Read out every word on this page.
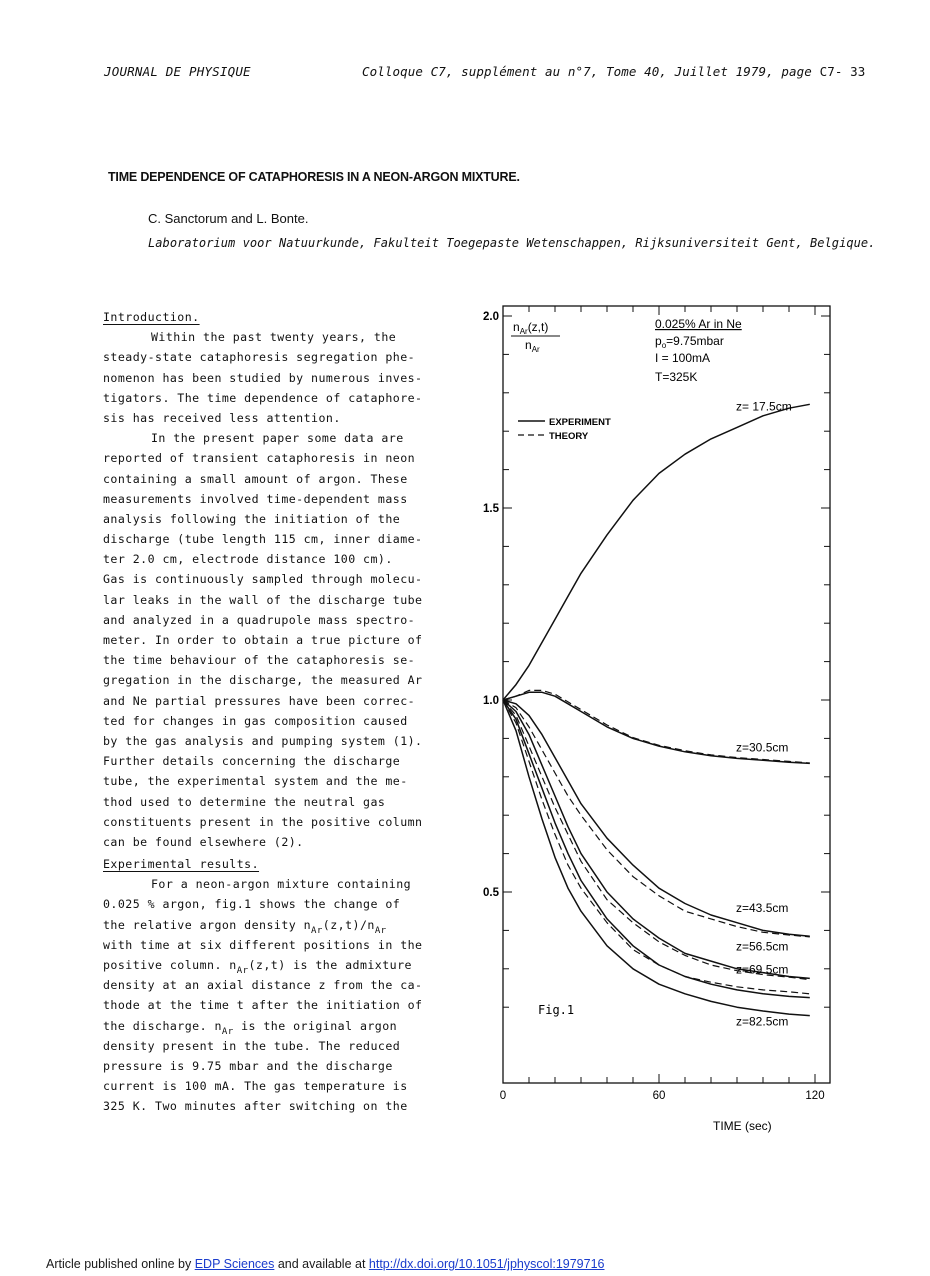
JOURNAL DE PHYSIQUE	Colloque C7, supplément au n°7, Tome 40, Juillet 1979, page C7- 33
TIME DEPENDENCE OF CATAPHORESIS IN A NEON-ARGON MIXTURE.
C. Sanctorum and L. Bonte.
Laboratorium voor Natuurkunde, Fakulteit Toegepaste Wetenschappen, Rijksuniversiteit Gent, Belgique.
Introduction.
Within the past twenty years, the
steady-state cataphoresis segregation phe-
nomenon has been studied by numerous inves-
tigators. The time dependence of cataphore-
sis has received less attention.
In the present paper some data are
reported of transient cataphoresis in neon
containing a small amount of argon. These
measurements involved time-dependent mass
analysis following the initiation of the
discharge (tube length 115 cm, inner diame-
ter 2.0 cm, electrode distance 100 cm).
Gas is continuously sampled through molecu-
lar leaks in the wall of the discharge tube
and analyzed in a quadrupole mass spectro-
meter. In order to obtain a true picture of
the time behaviour of the cataphoresis se-
gregation in the discharge, the measured Ar
and Ne partial pressures have been correc-
ted for changes in gas composition caused
by the gas analysis and pumping system (1).
Further details concerning the discharge
tube, the experimental system and the me-
thod used to determine the neutral gas
constituents present in the positive column
can be found elsewhere (2).
Experimental results.
For a neon-argon mixture containing
0.025 % argon, fig.1 shows the change of
the relative argon density $n_{Ar}(z,t)/n_{Ar}$
with time at six different positions in the
positive column. $n_{Ar}(z,t)$ is the admixture
density at an axial distance z from the ca-
thode at the time t after the initiation of
the discharge. $n_{Ar}$ is the original argon
density present in the tube. The reduced
pressure is 9.75 mbar and the discharge
current is 100 mA. The gas temperature is
325 K. Two minutes after switching on the
2.0
1.5
1.0
0.5
0	60	120
$n_{Ar}(z,t)$
$n_{Ar}$
0.025% Ar in Ne
$p_o=9.75mbar$
I = 100mA
T=325K
EXPERIMENT
THEORY
Fig.1
TIME (sec)
z= 17.5cm
z=30.5cm
z=43.5cm
z=56.5cm
z=69.5cm
z=82.5cm
Article published online by EDP Sciences and available at http://dx.doi.org/10.1051/jphyscol:1979716
